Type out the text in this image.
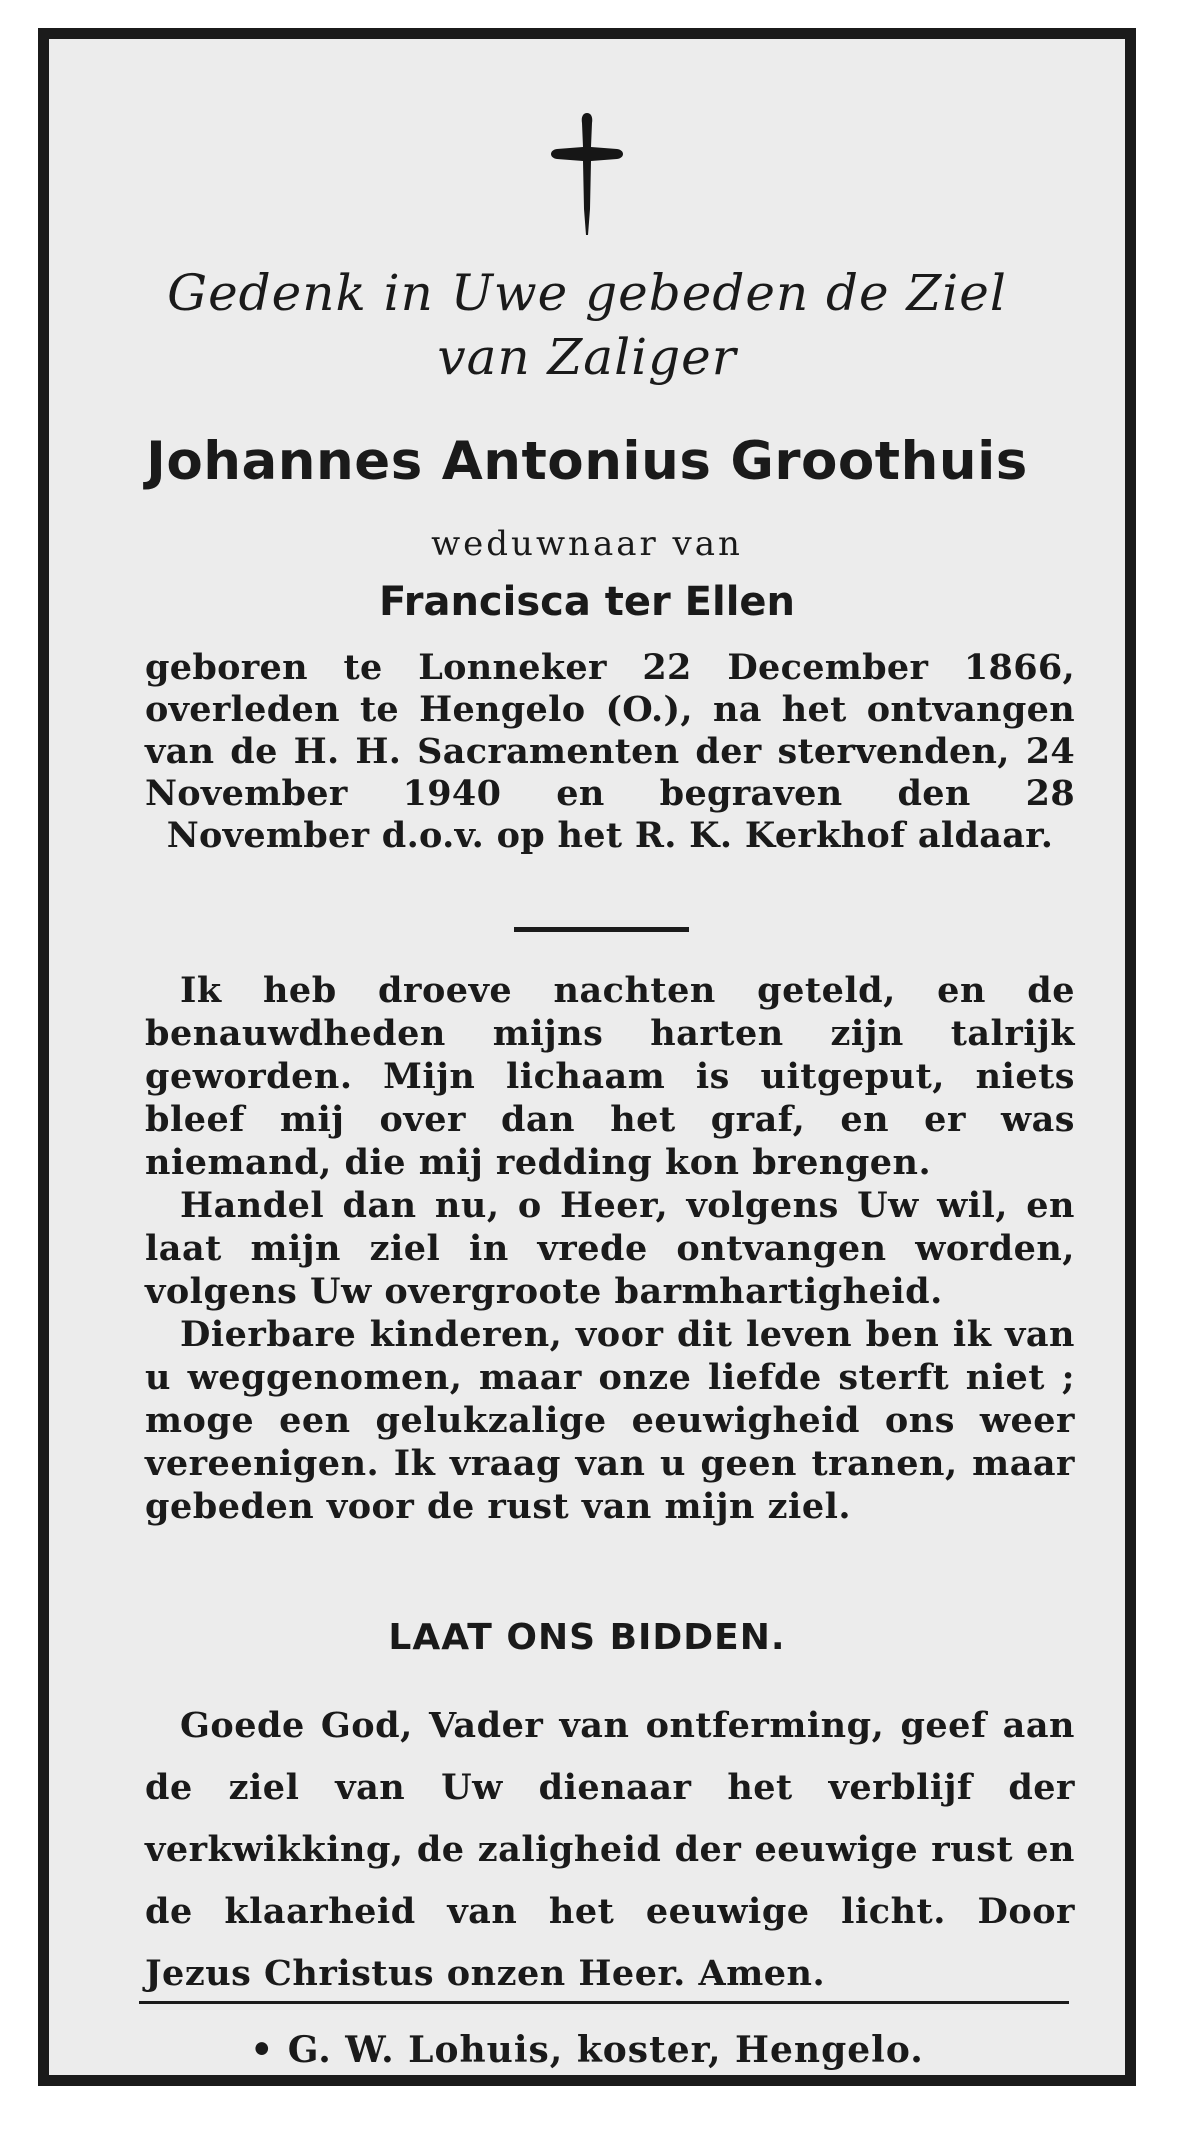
Gedenk in Uwe gebeden de Ziel
van Zaliger
Johannes Antonius Groothuis
weduwnaar van
Francisca ter Ellen
geboren te Lonneker 22 December 1866, overleden te Hengelo (O.), na het ontvangen van de H. H. Sacramenten der stervenden, 24 November 1940 en begraven den 28 November d.o.v. op het R. K. Kerkhof aldaar.

Ik heb droeve nachten geteld, en de benauwdheden mijns harten zijn talrijk geworden. Mijn lichaam is uitgeput, niets bleef mij over dan het graf, en er was niemand, die mij redding kon brengen.

Handel dan nu, o Heer, volgens Uw wil, en laat mijn ziel in vrede ontvangen worden, volgens Uw overgroote barmhartigheid.

Dierbare kinderen, voor dit leven ben ik van u weggenomen, maar onze liefde sterft niet ; moge een gelukzalige eeuwigheid ons weer vereenigen. Ik vraag van u geen tranen, maar gebeden voor de rust van mijn ziel.

LAAT ONS BIDDEN.
Goede God, Vader van ontferming, geef aan de ziel van Uw dienaar het verblijf der verkwikking, de zaligheid der eeuwige rust en de klaarheid van het eeuwige licht. Door Jezus Christus onzen Heer. Amen.
• G. W. Lohuis, koster, Hengelo.
